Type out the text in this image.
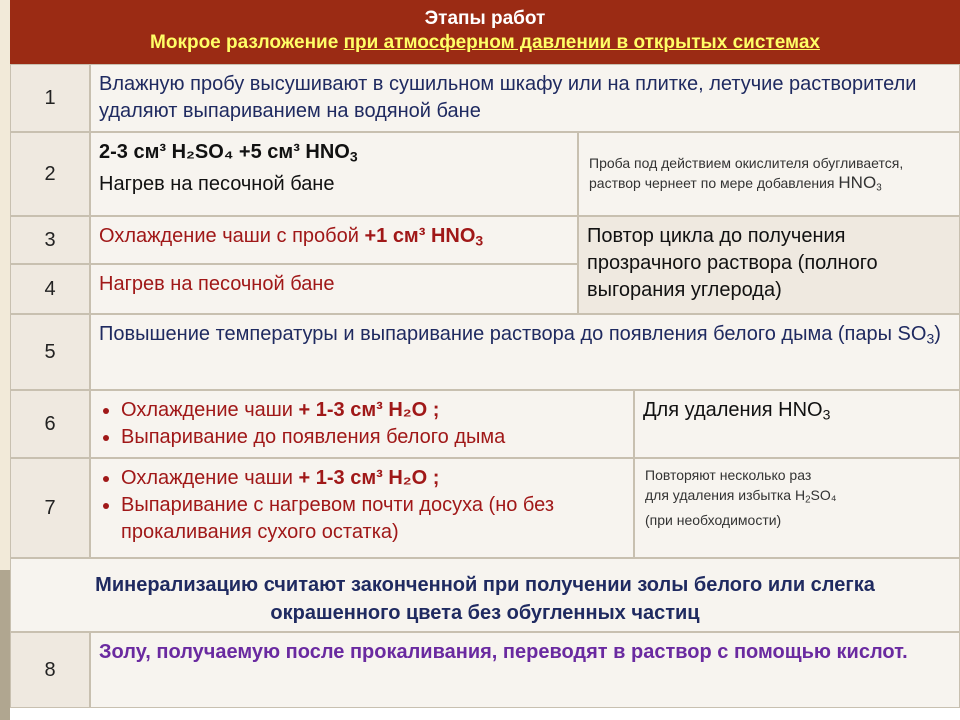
Этапы работ
Мокрое разложение при атмосферном давлении в открытых системах
1
Влажную пробу высушивают в сушильном шкафу или на плитке, летучие растворители удаляют выпариванием на водяной бане
2
2-3 см³ H₂SO₄ +5 см³ $HNO_3$
Нагрев на песочной бане
Проба под действием окислителя обугливается,
раствор чернеет по мере добавления $HNO_3$
3	Охлаждение чаши с пробой +1 см³ $HNO_3$
4	Нагрев на песочной бане
Повтор цикла до получения прозрачного раствора (полного выгорания углерода)
5
Повышение температуры и выпаривание раствора до появления белого дыма (пары $SO_3$)
6
• Охлаждение чаши + 1-3 см³ H₂O ;
• Выпаривание до появления белого дыма
Для удаления $HNO_3$
7
• Охлаждение чаши + 1-3 см³ H₂O ;
• Выпаривание с нагревом почти досуха (но без прокаливания сухого остатка)
Повторяют несколько раз
для удаления избытка $H_2SO_4$
(при необходимости)
Минерализацию считают законченной при получении золы белого или слегка окрашенного цвета без обугленных частиц
8
Золу, получаемую после прокаливания, переводят в раствор с помощью кислот.
